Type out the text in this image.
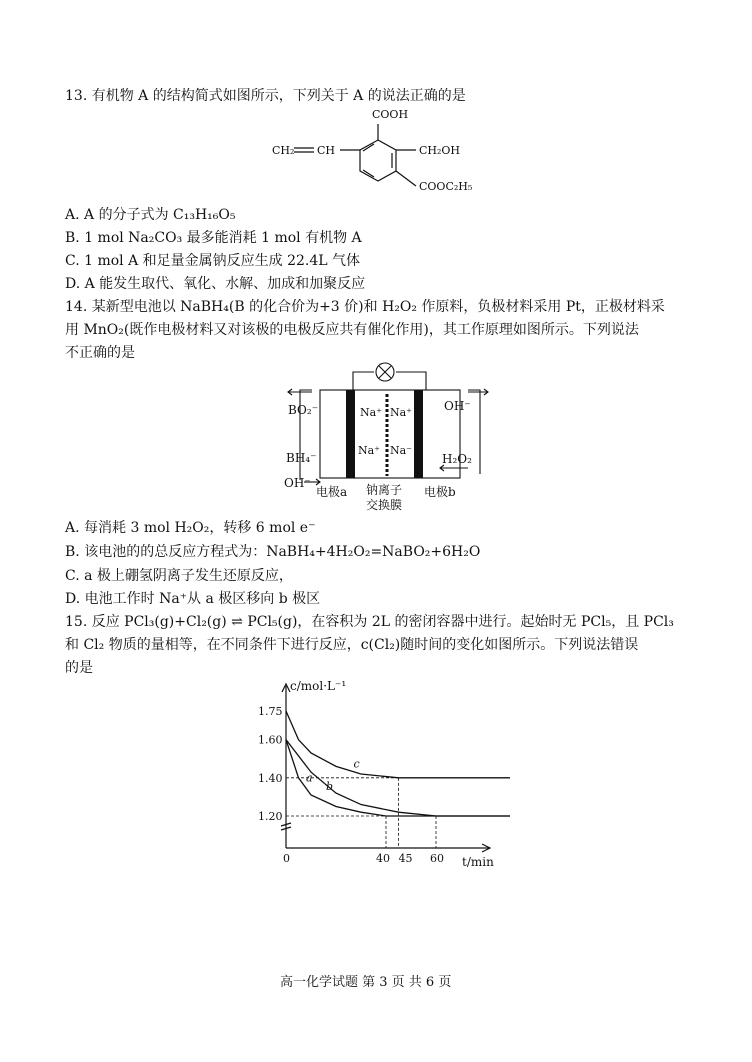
13. 有机物 A 的结构简式如图所示，下列关于 A 的说法正确的是
COOH
CH₂ CH	CH₂OH
COOC₂H₅
A. A 的分子式为 C₁₃H₁₆O₅
B. 1 mol Na₂CO₃ 最多能消耗 1 mol 有机物 A
C. 1 mol A 和足量金属钠反应生成 22.4L 气体
D. A 能发生取代、氧化、水解、加成和加聚反应
14. 某新型电池以 NaBH₄(B 的化合价为+3 价)和 H₂O₂ 作原料，负极材料采用 Pt，正极材料采
用 MnO₂(既作电极材料又对该极的电极反应共有催化作用)，其工作原理如图所示。下列说法
不正确的是
BO₂⁻
BH₄⁻
OH⁻
OH⁻
H₂O₂
Na⁺ Na⁺
Na⁺ Na⁻
电极a 钠离子
交换膜
电极b
A. 每消耗 3 mol H₂O₂，转移 6 mol e⁻
B. 该电池的的总反应方程式为：NaBH₄+4H₂O₂=NaBO₂+6H₂O
C. a 极上硼氢阴离子发生还原反应，
D. 电池工作时 Na⁺从 a 极区移向 b 极区
15. 反应 PCl₃(g)+Cl₂(g) ⇌ PCl₅(g)，在容积为 2L 的密闭容器中进行。起始时无 PCl₅，且 PCl₃
和 Cl₂ 物质的量相等，在不同条件下进行反应，c(Cl₂)随时间的变化如图所示。下列说法错误
的是
a
b
c
1.75
1.60
1.40
1.20
0	40 45 60
c/mol·L⁻¹
t/min
高一化学试题 第 3 页 共 6 页
